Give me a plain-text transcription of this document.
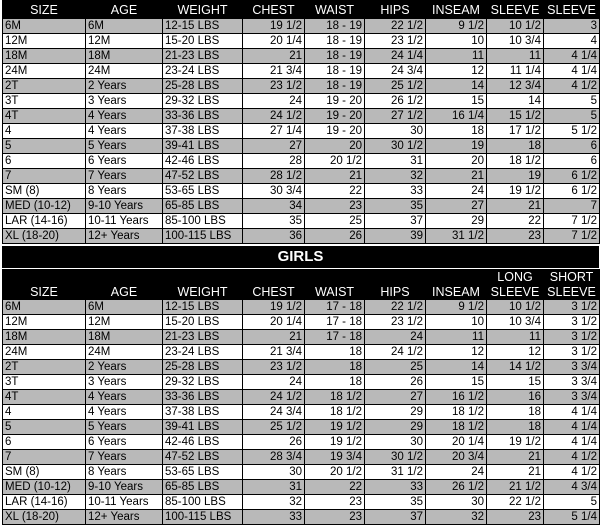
SIZE	AGE	WEIGHT	CHEST	WAIST	HIPS	INSEAM	SLEEVE	SLEEVE
6M	6M	12-15 LBS	19 1/2	18 - 19	22 1/2	9 1/2	10 1/2	3
12M	12M	15-20 LBS	20 1/4	18 - 19	23 1/2	10	10 3/4	4
18M	18M	21-23 LBS	21	18 - 19	24 1/4	11	11	4 1/4
24M	24M	23-24 LBS	21 3/4	18 - 19	24 3/4	12	11 1/4	4 1/4
2T	2 Years	25-28 LBS	23 1/2	18 - 19	25 1/2	14	12 3/4	4 1/2
3T	3 Years	29-32 LBS	24	19 - 20	26 1/2	15	14	5
4T	4 Years	33-36 LBS	24 1/2	19 - 20	27 1/2	16 1/4	15 1/2	5
4	4 Years	37-38 LBS	27 1/4	19 - 20	30	18	17 1/2	5 1/2
5	5 Years	39-41 LBS	27	20	30 1/2	19	18	6
6	6 Years	42-46 LBS	28	20 1/2	31	20	18 1/2	6
7	7 Years	47-52 LBS	28 1/2	21	32	21	19	6 1/2
SM (8)	8 Years	53-65 LBS	30 3/4	22	33	24	19 1/2	6 1/2
MED (10-12)	9-10 Years	65-85 LBS	34	23	35	27	21	7
LAR (14-16)	10-11 Years	85-100 LBS	35	25	37	29	22	7 1/2
XL (18-20)	12+ Years	100-115 LBS	36	26	39	31 1/2	23	7 1/2
GIRLS
							LONG	SHORT
SIZE	AGE	WEIGHT	CHEST	WAIST	HIPS	INSEAM	SLEEVE	SLEEVE
6M	6M	12-15 LBS	19 1/2	17 - 18	22 1/2	9 1/2	10 1/2	3 1/2
12M	12M	15-20 LBS	20 1/4	17 - 18	23 1/2	10	10 3/4	3 1/2
18M	18M	21-23 LBS	21	17 - 18	24	11	11	3 1/2
24M	24M	23-24 LBS	21 3/4	18	24 1/2	12	12	3 1/2
2T	2 Years	25-28 LBS	23 1/2	18	25	14	14 1/2	3 3/4
3T	3 Years	29-32 LBS	24	18	26	15	15	3 3/4
4T	4 Years	33-36 LBS	24 1/2	18 1/2	27	16 1/2	16	3 3/4
4	4 Years	37-38 LBS	24 3/4	18 1/2	29	18 1/2	18	4 1/4
5	5 Years	39-41 LBS	25 1/2	19 1/2	29	18 1/2	18	4 1/4
6	6 Years	42-46 LBS	26	19 1/2	30	20 1/4	19 1/2	4 1/4
7	7 Years	47-52 LBS	28 3/4	19 3/4	30 1/2	20 3/4	21	4 1/2
SM (8)	8 Years	53-65 LBS	30	20 1/2	31 1/2	24	21	4 1/2
MED (10-12)	9-10 Years	65-85 LBS	31	22	33	26 1/2	21 1/2	4 3/4
LAR (14-16)	10-11 Years	85-100 LBS	32	23	35	30	22 1/2	5
XL (18-20)	12+ Years	100-115 LBS	33	23	37	32	23	5 1/4
